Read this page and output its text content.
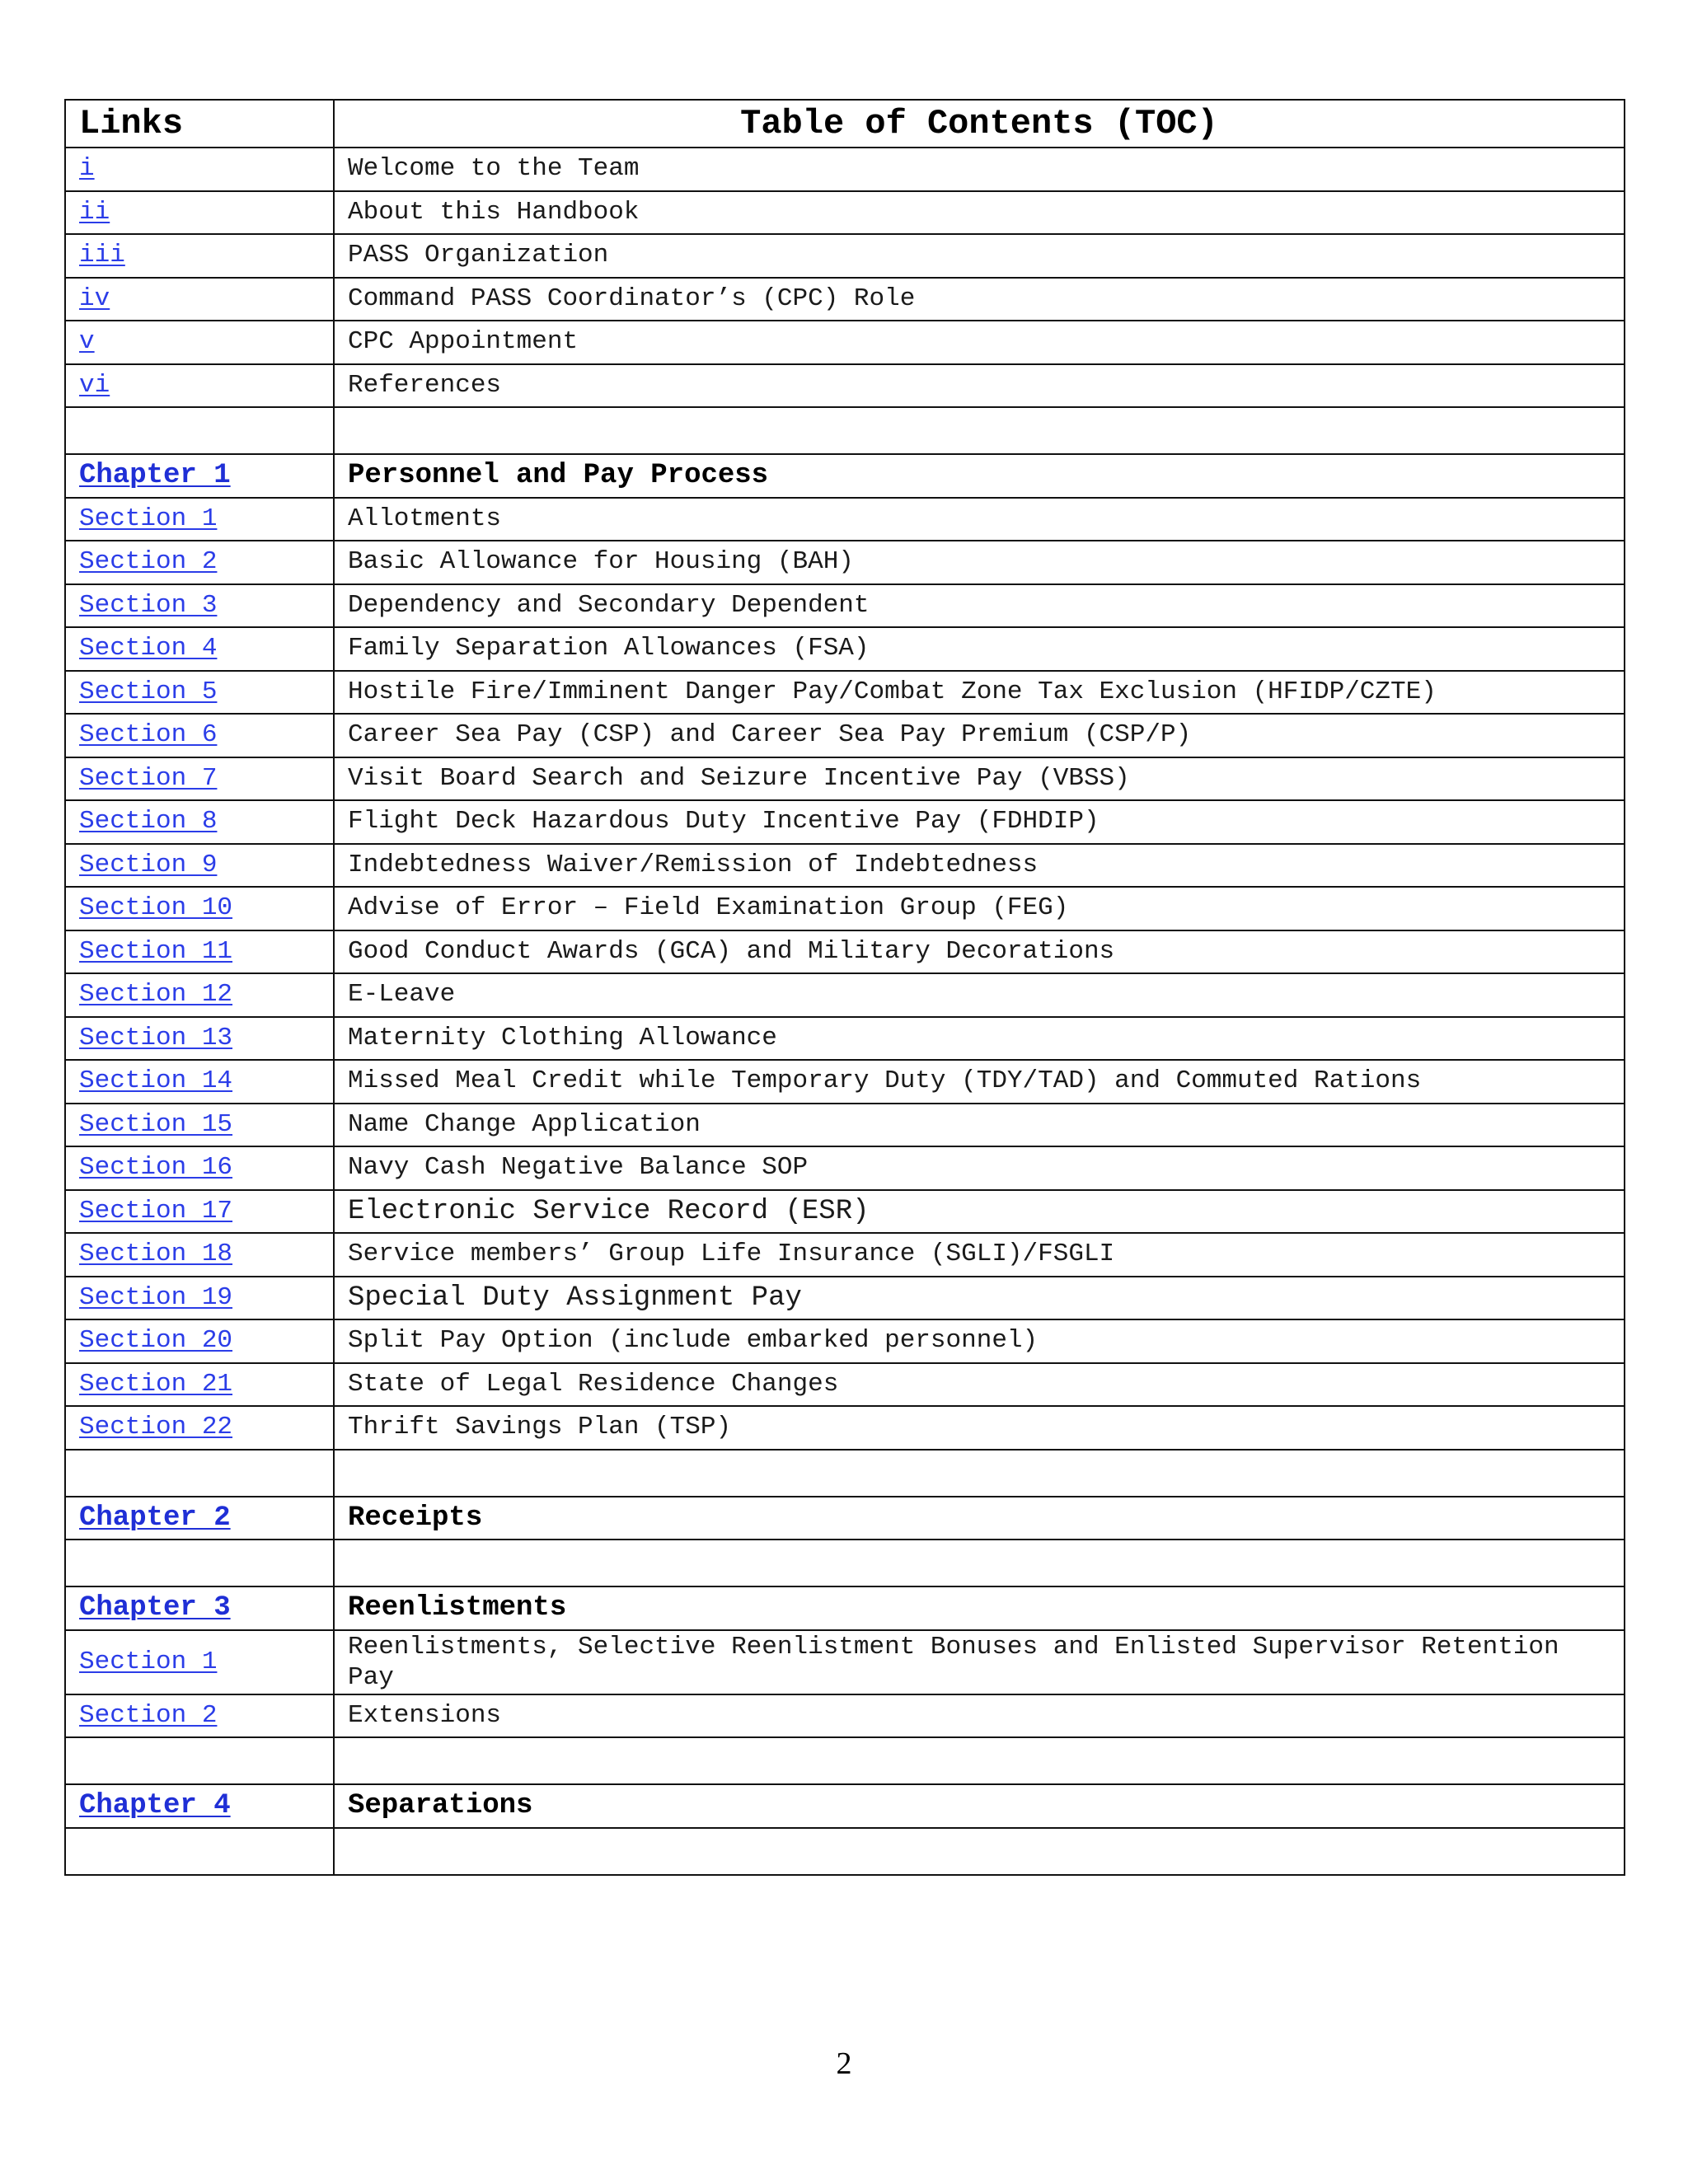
Links	Table of Contents (TOC)
i	Welcome to the Team
ii	About this Handbook
iii	PASS Organization
iv	Command PASS Coordinator’s (CPC) Role
v	CPC Appointment
vi	References

Chapter 1	Personnel and Pay Process
Section 1	Allotments
Section 2	Basic Allowance for Housing (BAH)
Section 3	Dependency and Secondary Dependent
Section 4	Family Separation Allowances (FSA)
Section 5	Hostile Fire/Imminent Danger Pay/Combat Zone Tax Exclusion (HFIDP/CZTE)
Section 6	Career Sea Pay (CSP) and Career Sea Pay Premium (CSP/P)
Section 7	Visit Board Search and Seizure Incentive Pay (VBSS)
Section 8	Flight Deck Hazardous Duty Incentive Pay (FDHDIP)
Section 9	Indebtedness Waiver/Remission of Indebtedness
Section 10	Advise of Error – Field Examination Group (FEG)
Section 11	Good Conduct Awards (GCA) and Military Decorations
Section 12	E-Leave
Section 13	Maternity Clothing Allowance
Section 14	Missed Meal Credit while Temporary Duty (TDY/TAD) and Commuted Rations
Section 15	Name Change Application
Section 16	Navy Cash Negative Balance SOP
Section 17	Electronic Service Record (ESR)
Section 18	Service members’ Group Life Insurance (SGLI)/FSGLI
Section 19	Special Duty Assignment Pay
Section 20	Split Pay Option (include embarked personnel)
Section 21	State of Legal Residence Changes
Section 22	Thrift Savings Plan (TSP)

Chapter 2	Receipts

Chapter 3	Reenlistments
Section 1	Reenlistments, Selective Reenlistment Bonuses and Enlisted Supervisor Retention Pay
Section 2	Extensions

Chapter 4	Separations

2
